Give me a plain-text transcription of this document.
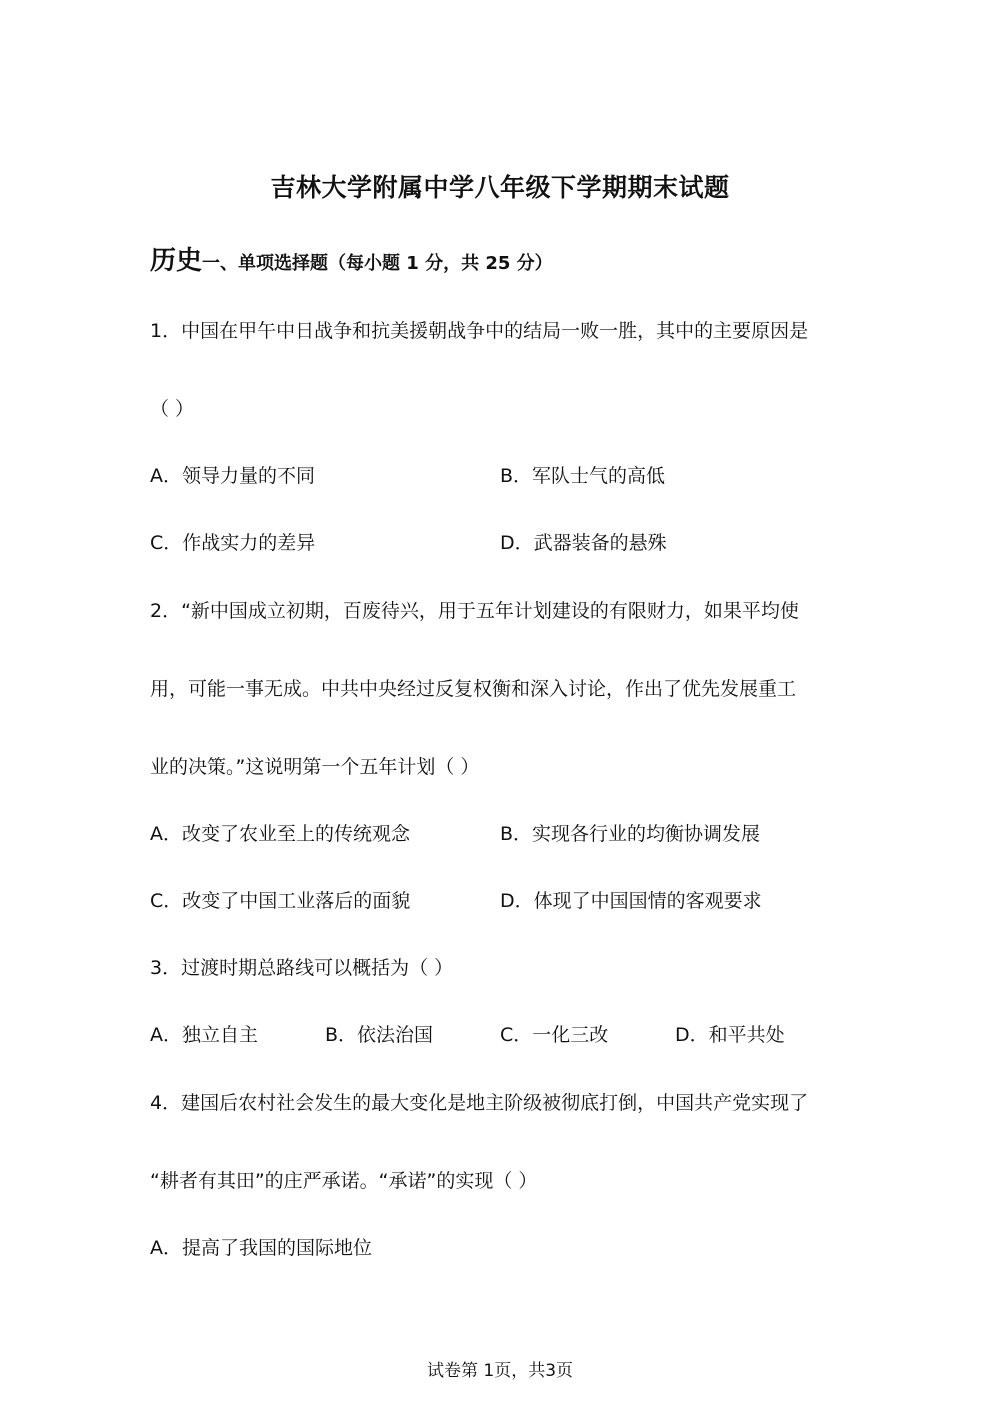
吉林大学附属中学八年级下学期期末试题
历史一、单项选择题（每小题 1 分，共 25 分）
1．中国在甲午中日战争和抗美援朝战争中的结局一败一胜，其中的主要原因是
（ ）
A．领导力量的不同	B．军队士气的高低
C．作战实力的差异	D．武器装备的悬殊
2．“新中国成立初期，百废待兴，用于五年计划建设的有限财力，如果平均使
用，可能一事无成。中共中央经过反复权衡和深入讨论，作出了优先发展重工
业的决策。”这说明第一个五年计划（ ）
A．改变了农业至上的传统观念	B．实现各行业的均衡协调发展
C．改变了中国工业落后的面貌	D．体现了中国国情的客观要求
3．过渡时期总路线可以概括为（ ）
A．独立自主	B．依法治国	C．一化三改	D．和平共处
4．建国后农村社会发生的最大变化是地主阶级被彻底打倒，中国共产党实现了
“耕者有其田”的庄严承诺。“承诺”的实现（ ）
A．提高了我国的国际地位
试卷第 1页，共3页
